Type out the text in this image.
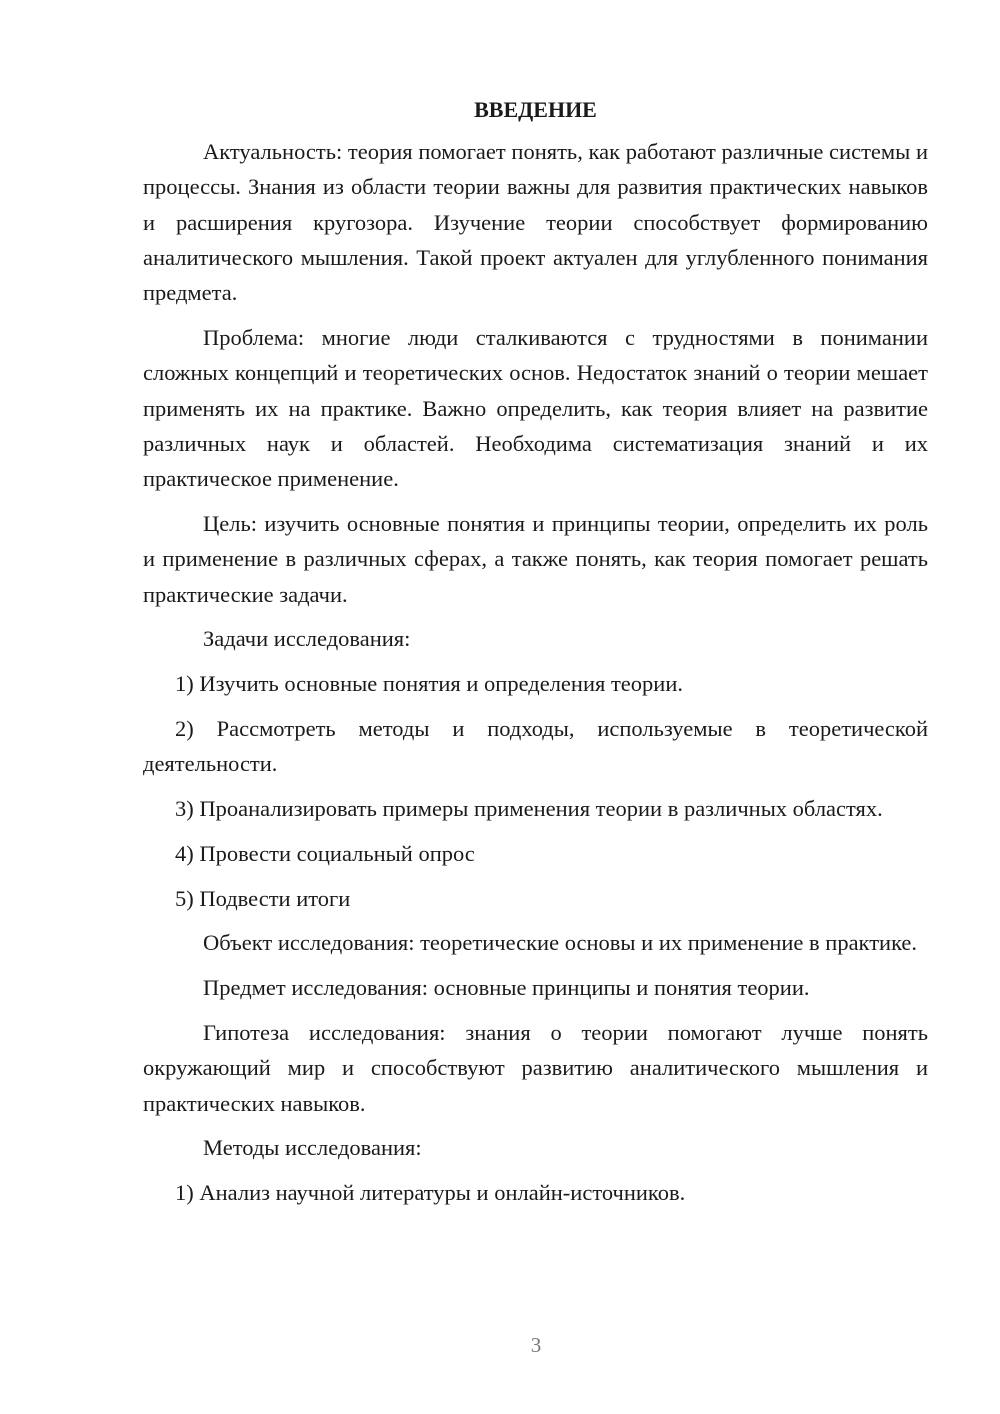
ВВЕДЕНИЕ

Актуальность: теория помогает понять, как работают различные системы и процессы. Знания из области теории важны для развития практических навыков и расширения кругозора. Изучение теории способствует формированию аналитического мышления. Такой проект актуален для углубленного понимания предмета.

Проблема: многие люди сталкиваются с трудностями в понимании сложных концепций и теоретических основ. Недостаток знаний о теории мешает применять их на практике. Важно определить, как теория влияет на развитие различных наук и областей. Необходима систематизация знаний и их практическое применение.

Цель: изучить основные понятия и принципы теории, определить их роль и применение в различных сферах, а также понять, как теория помогает решать практические задачи.

Задачи исследования:

1) Изучить основные понятия и определения теории.

2) Рассмотреть методы и подходы, используемые в теоретической деятельности.

3) Проанализировать примеры применения теории в различных областях.

4) Провести социальный опрос

5) Подвести итоги

Объект исследования: теоретические основы и их применение в практике.

Предмет исследования: основные принципы и понятия теории.

Гипотеза исследования: знания о теории помогают лучше понять окружающий мир и способствуют развитию аналитического мышления и практических навыков.

Методы исследования:

1) Анализ научной литературы и онлайн-источников.

3
